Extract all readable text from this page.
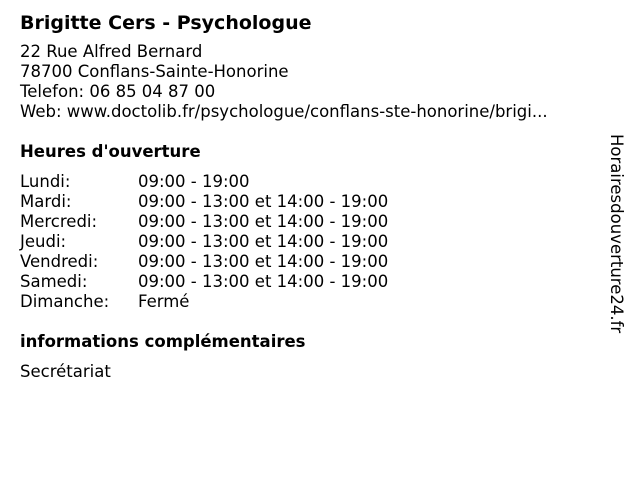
Brigitte Cers - Psychologue
22 Rue Alfred Bernard
78700 Conflans-Sainte-Honorine
Telefon: 06 85 04 87 00
Web: www.doctolib.fr/psychologue/conflans-ste-honorine/brigi...
Heures d'ouverture
Lundi:	09:00 - 19:00
Mardi:	09:00 - 13:00 et 14:00 - 19:00
Mercredi:	09:00 - 13:00 et 14:00 - 19:00
Jeudi:	09:00 - 13:00 et 14:00 - 19:00
Vendredi:	09:00 - 13:00 et 14:00 - 19:00
Samedi:	09:00 - 13:00 et 14:00 - 19:00
Dimanche:	Fermé
informations complémentaires
Secrétariat
Horairesdouverture24.fr
